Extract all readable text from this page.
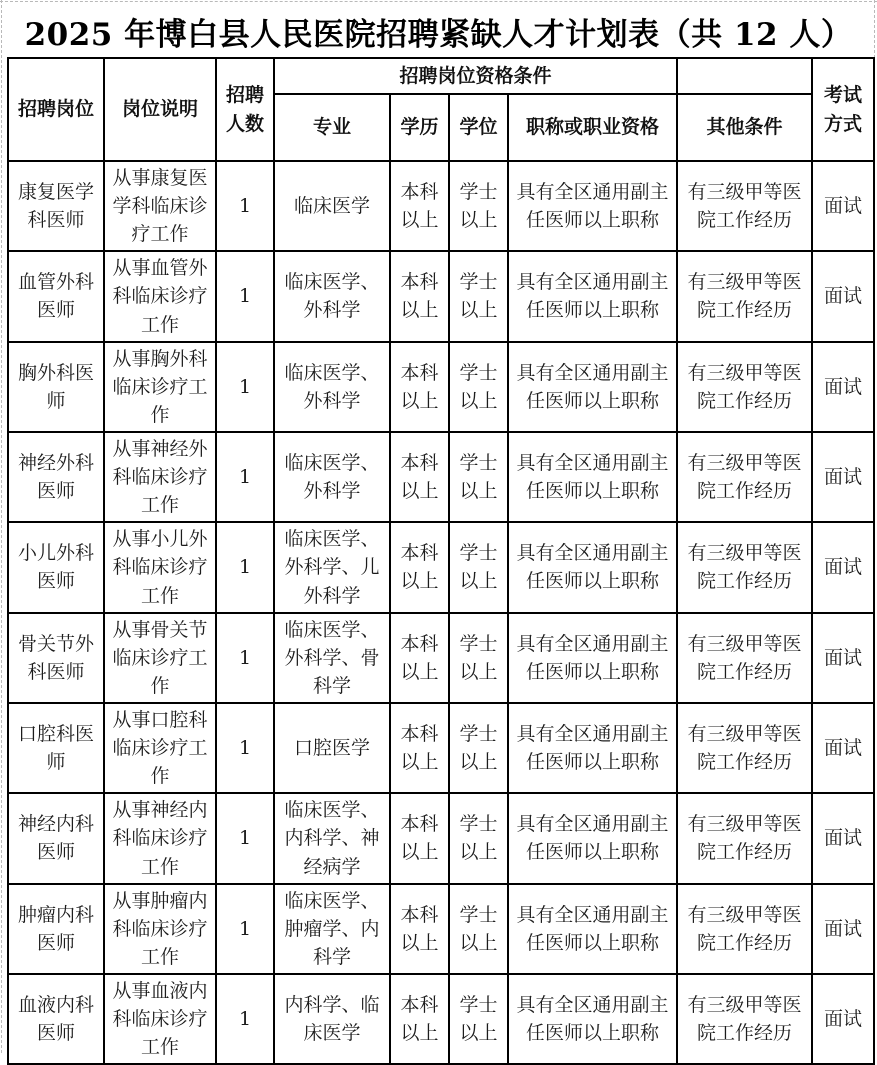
2025 年博白县人民医院招聘紧缺人才计划表（共 12 人）
招聘岗位	岗位说明	招聘人数	招聘岗位资格条件					考试方式
			专业	学历	学位	职称或职业资格	其他条件	
康复医学科医师	从事康复医学科临床诊疗工作	1	临床医学	本科以上	学士以上	具有全区通用副主任医师以上职称	有三级甲等医院工作经历	面试
血管外科医师	从事血管外科临床诊疗工作	1	临床医学、外科学	本科以上	学士以上	具有全区通用副主任医师以上职称	有三级甲等医院工作经历	面试
胸外科医师	从事胸外科临床诊疗工作	1	临床医学、外科学	本科以上	学士以上	具有全区通用副主任医师以上职称	有三级甲等医院工作经历	面试
神经外科医师	从事神经外科临床诊疗工作	1	临床医学、外科学	本科以上	学士以上	具有全区通用副主任医师以上职称	有三级甲等医院工作经历	面试
小儿外科医师	从事小儿外科临床诊疗工作	1	临床医学、外科学、儿外科学	本科以上	学士以上	具有全区通用副主任医师以上职称	有三级甲等医院工作经历	面试
骨关节外科医师	从事骨关节临床诊疗工作	1	临床医学、外科学、骨科学	本科以上	学士以上	具有全区通用副主任医师以上职称	有三级甲等医院工作经历	面试
口腔科医师	从事口腔科临床诊疗工作	1	口腔医学	本科以上	学士以上	具有全区通用副主任医师以上职称	有三级甲等医院工作经历	面试
神经内科医师	从事神经内科临床诊疗工作	1	临床医学、内科学、神经病学	本科以上	学士以上	具有全区通用副主任医师以上职称	有三级甲等医院工作经历	面试
肿瘤内科医师	从事肿瘤内科临床诊疗工作	1	临床医学、肿瘤学、内科学	本科以上	学士以上	具有全区通用副主任医师以上职称	有三级甲等医院工作经历	面试
血液内科医师	从事血液内科临床诊疗工作	1	内科学、临床医学	本科以上	学士以上	具有全区通用副主任医师以上职称	有三级甲等医院工作经历	面试
